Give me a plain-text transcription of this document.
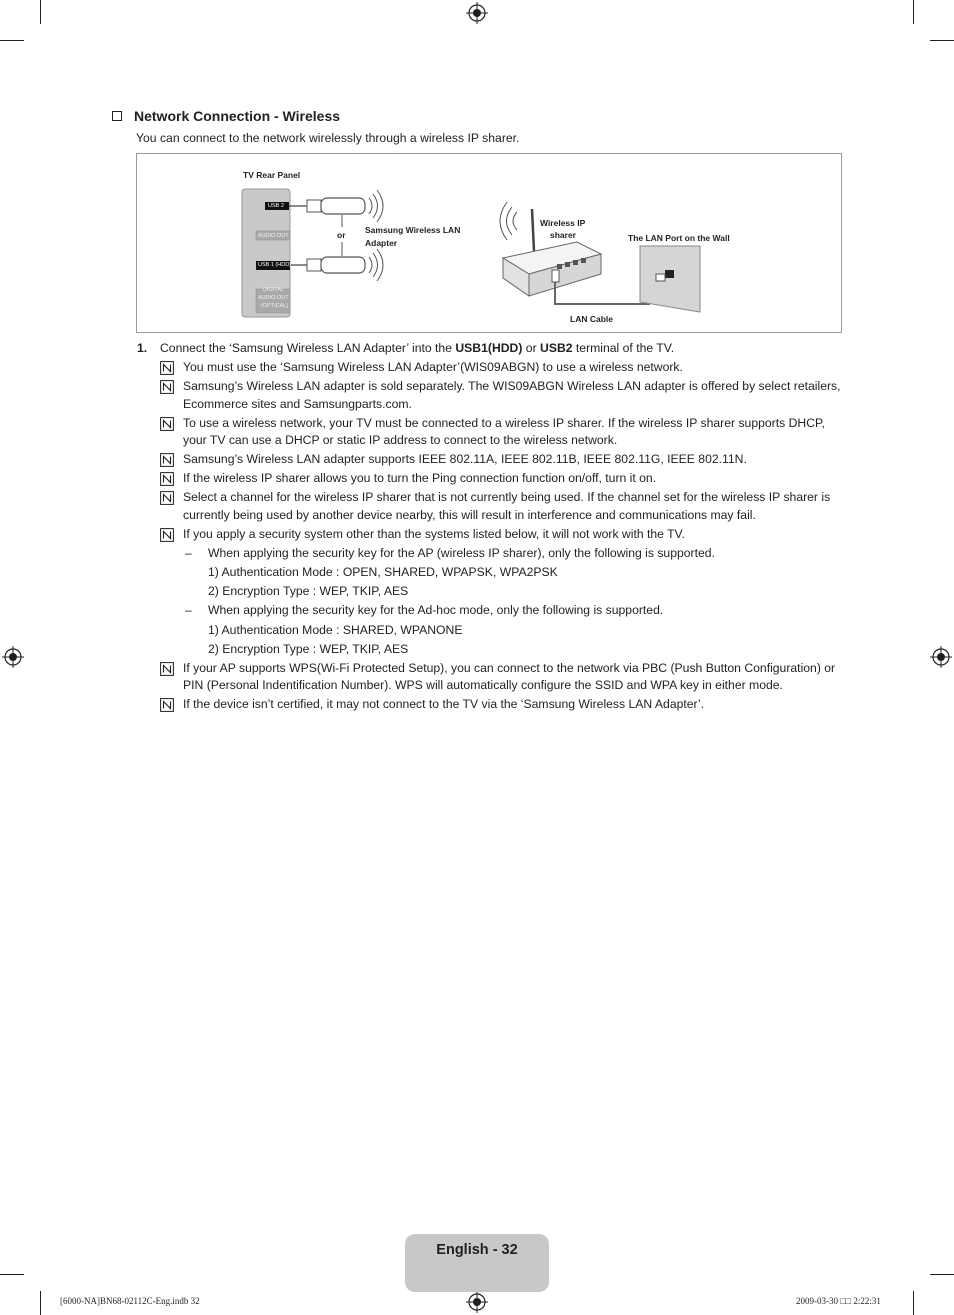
Network Connection - Wireless
You can connect to the network wirelessly through a wireless IP sharer.
TV Rear Panel
USB 2
AUDIO OUT
USB 1 (HDD)
DIGITAL
AUDIO OUT
(OPTICAL)
or Samsung Wireless LAN
Adapter
Wireless IP
sharer	The LAN Port on the Wall
LAN Cable
1. Connect the ‘Samsung Wireless LAN Adapter’ into the USB1(HDD) or USB2 terminal of the TV.
You must use the ‘Samsung Wireless LAN Adapter’(WIS09ABGN) to use a wireless network.
Samsung’s Wireless LAN adapter is sold separately. The WIS09ABGN Wireless LAN adapter is offered by select retailers, Ecommerce sites and Samsungparts.com.
To use a wireless network, your TV must be connected to a wireless IP sharer. If the wireless IP sharer supports DHCP, your TV can use a DHCP or static IP address to connect to the wireless network.
Samsung’s Wireless LAN adapter supports IEEE 802.11A, IEEE 802.11B, IEEE 802.11G, IEEE 802.11N.
If the wireless IP sharer allows you to turn the Ping connection function on/off, turn it on.
Select a channel for the wireless IP sharer that is not currently being used. If the channel set for the wireless IP sharer is currently being used by another device nearby, this will result in interference and communications may fail.
If you apply a security system other than the systems listed below, it will not work with the TV.
– When applying the security key for the AP (wireless IP sharer), only the following is supported.
1) Authentication Mode : OPEN, SHARED, WPAPSK, WPA2PSK
2) Encryption Type : WEP, TKIP, AES
– When applying the security key for the Ad-hoc mode, only the following is supported.
1) Authentication Mode : SHARED, WPANONE
2) Encryption Type : WEP, TKIP, AES
If your AP supports WPS(Wi-Fi Protected Setup), you can connect to the network via PBC (Push Button Configuration) or PIN (Personal Indentification Number). WPS will automatically configure the SSID and WPA key in either mode.
If the device isn’t certified, it may not connect to the TV via the ‘Samsung Wireless LAN Adapter’.
English - 32
[6000-NA]BN68-02112C-Eng.indb 32	2009-03-30 □□ 2:22:31
